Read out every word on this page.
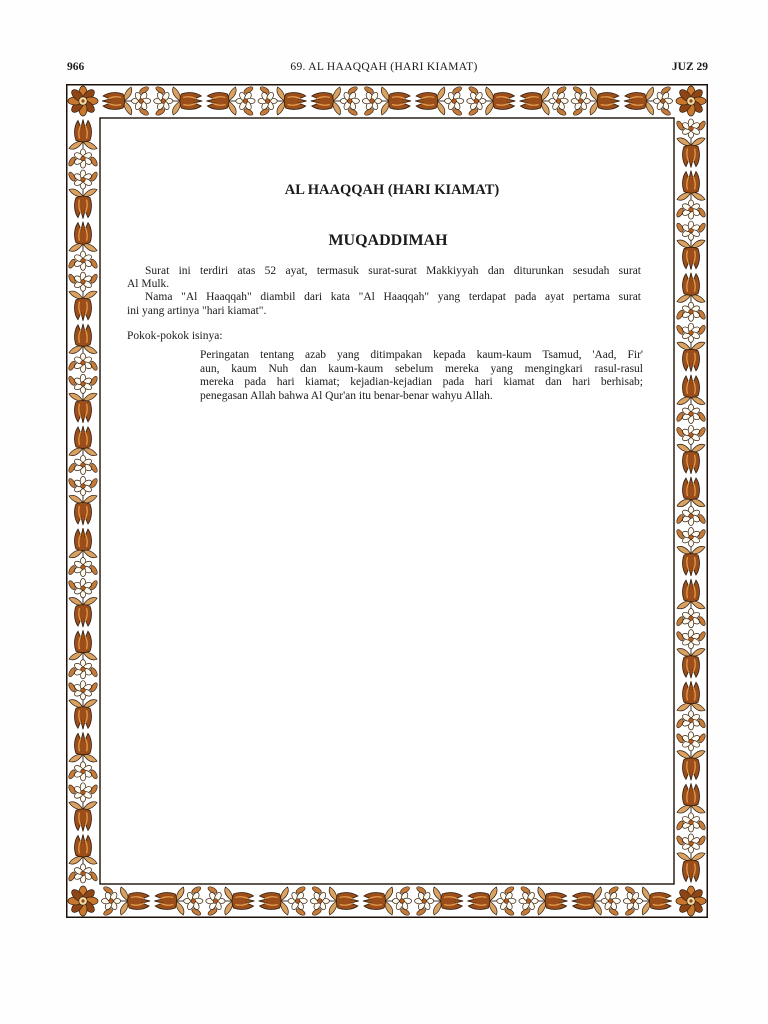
966	69. AL HAAQQAH (HARI KIAMAT)	JUZ 29
AL HAAQQAH (HARI KIAMAT)
MUQADDIMAH
Surat ini terdiri atas 52 ayat, termasuk surat-surat Makkiyyah dan diturunkan sesudah surat
Al Mulk.
Nama "Al Haaqqah" diambil dari kata "Al Haaqqah" yang terdapat pada ayat pertama surat
ini yang artinya "hari kiamat".
Pokok-pokok isinya:
Peringatan tentang azab yang ditimpakan kepada kaum-kaum Tsamud, 'Aad, Fir'
aun, kaum Nuh dan kaum-kaum sebelum mereka yang mengingkari rasul-rasul
mereka pada hari kiamat; kejadian-kejadian pada hari kiamat dan hari berhisab;
penegasan Allah bahwa Al Qur'an itu benar-benar wahyu Allah.
